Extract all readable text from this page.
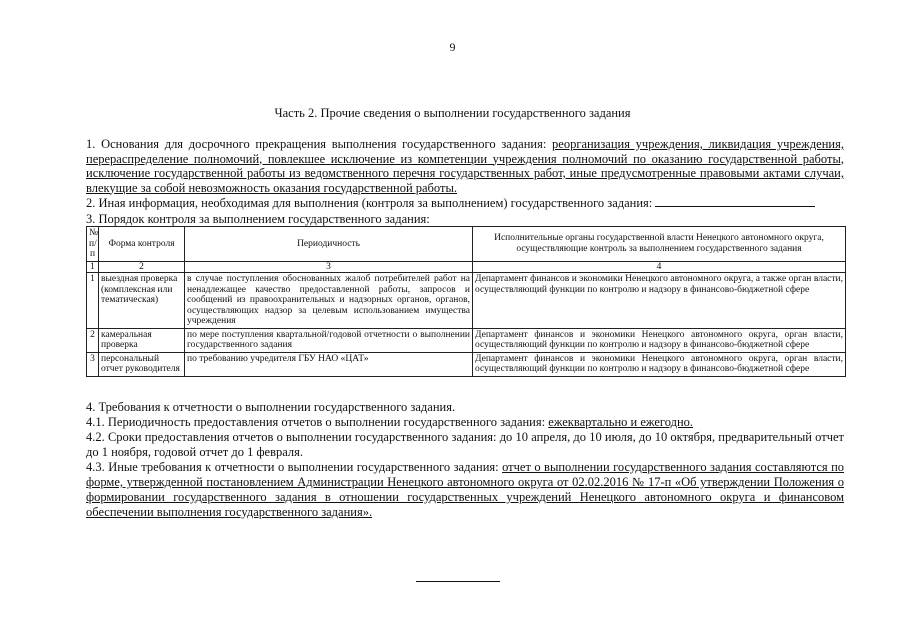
9
Часть 2. Прочие сведения о выполнении государственного задания
1. Основания для досрочного прекращения выполнения государственного задания: реорганизация учреждения, ликвидация учреждения, перераспределение полномочий, повлекшее исключение из компетенции учреждения полномочий по оказанию государственной работы, исключение государственной работы из ведомственного перечня государственных работ, иные предусмотренные правовыми актами случаи, влекущие за собой невозможность оказания государственной работы.
2. Иная информация, необходимая для выполнения (контроля за выполнением) государственного задания:
3. Порядок контроля за выполнением государственного задания:
№ п/п	Форма контроля	Периодичность	Исполнительные органы государственной власти Ненецкого автономного округа, осуществляющие контроль за выполнением государственного задания
1	2	3	4
1	выездная проверка (комплексная или тематическая)	в случае поступления обоснованных жалоб потребителей работ на ненадлежащее качество предоставленной работы, запросов и сообщений из правоохранительных и надзорных органов, органов, осуществляющих надзор за целевым использованием имущества учреждения	Департамент финансов и экономики Ненецкого автономного округа, а также орган власти, осуществляющий функции по контролю и надзору в финансово-бюджетной сфере
2	камеральная проверка	по мере поступления квартальной/годовой отчетности о выполнении государственного задания	Департамент финансов и экономики Ненецкого автономного округа, орган власти, осуществляющий функции по контролю и надзору в финансово-бюджетной сфере
3	персональный отчет руководителя	по требованию учредителя ГБУ НАО «ЦАТ»	Департамент финансов и экономики Ненецкого автономного округа, орган власти, осуществляющий функции по контролю и надзору в финансово-бюджетной сфере

4. Требования к отчетности о выполнении государственного задания.

4.1. Периодичность предоставления отчетов о выполнении государственного задания: ежеквартально и ежегодно.

4.2. Сроки предоставления отчетов о выполнении государственного задания: до 10 апреля, до 10 июля, до 10 октября, предварительный отчет до 1 ноября, годовой отчет до 1 февраля.

4.3. Иные требования к отчетности о выполнении государственного задания: отчет о выполнении государственного задания составляются по форме, утвержденной постановлением Администрации Ненецкого автономного округа от 02.02.2016 № 17-п «Об утверждении Положения о формировании государственного задания в отношении государственных учреждений Ненецкого автономного округа и финансовом обеспечении выполнения государственного задания».
